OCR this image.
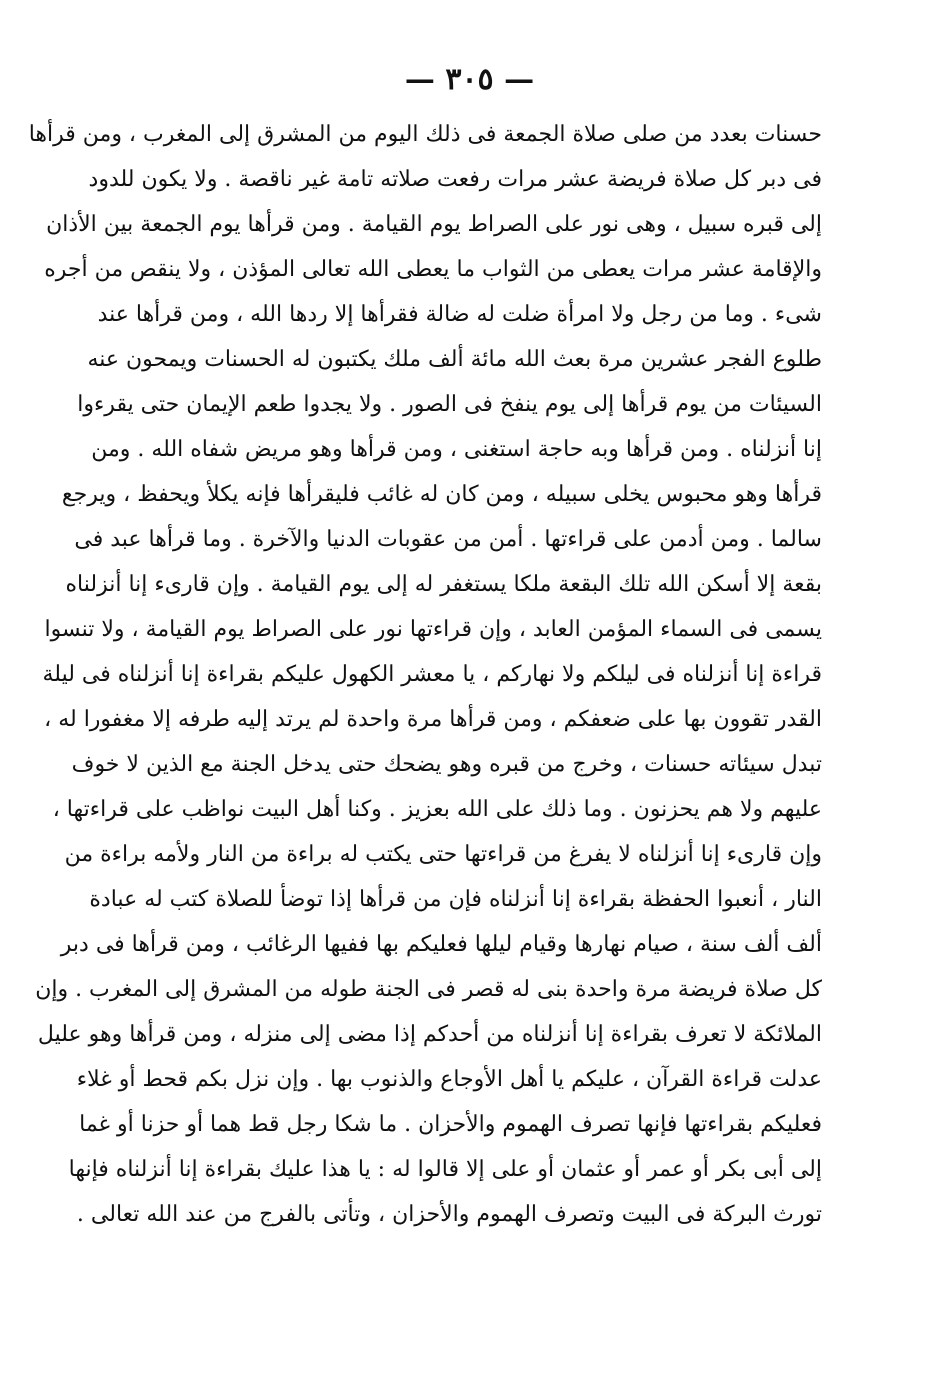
— ٣٠٥ —
حسنات بعدد من صلى صلاة الجمعة فى ذلك اليوم من المشرق إلى المغرب ، ومن قرأها
فى دبر كل صلاة فريضة عشر مرات رفعت صلاته تامة غير ناقصة . ولا يكون للدود
إلى قبره سبيل ، وهى نور على الصراط يوم القيامة . ومن قرأها يوم الجمعة بين الأذان
والإقامة عشر مرات يعطى من الثواب ما يعطى الله تعالى المؤذن ، ولا ينقص من أجره
شىء . وما من رجل ولا امرأة ضلت له ضالة فقرأها إلا ردها الله ، ومن قرأها عند
طلوع الفجر عشرين مرة بعث الله مائة ألف ملك يكتبون له الحسنات ويمحون عنه
السيئات من يوم قرأها إلى يوم ينفخ فى الصور . ولا يجدوا طعم الإيمان حتى يقرءوا
إنا أنزلناه . ومن قرأها وبه حاجة استغنى ، ومن قرأها وهو مريض شفاه الله . ومن
قرأها وهو محبوس يخلى سبيله ، ومن كان له غائب فليقرأها فإنه يكلأ ويحفظ ، ويرجع
سالما . ومن أدمن على قراءتها . أمن من عقوبات الدنيا والآخرة . وما قرأها عبد فى
بقعة إلا أسكن الله تلك البقعة ملكا يستغفر له إلى يوم القيامة . وإن قارىء إنا أنزلناه
يسمى فى السماء المؤمن العابد ، وإن قراءتها نور على الصراط يوم القيامة ، ولا تنسوا
قراءة إنا أنزلناه فى ليلكم ولا نهاركم ، يا معشر الكهول عليكم بقراءة إنا أنزلناه فى ليلة
القدر تقوون بها على ضعفكم ، ومن قرأها مرة واحدة لم يرتد إليه طرفه إلا مغفورا له ،
تبدل سيئاته حسنات ، وخرج من قبره وهو يضحك حتى يدخل الجنة مع الذين لا خوف
عليهم ولا هم يحزنون . وما ذلك على الله بعزيز . وكنا أهل البيت نواظب على قراءتها ،
وإن قارىء إنا أنزلناه لا يفرغ من قراءتها حتى يكتب له براءة من النار ولأمه براءة من
النار ، أنعبوا الحفظة بقراءة إنا أنزلناه فإن من قرأها إذا توضأ للصلاة كتب له عبادة
ألف ألف سنة ، صيام نهارها وقيام ليلها فعليكم بها ففيها الرغائب ، ومن قرأها فى دبر
كل صلاة فريضة مرة واحدة بنى له قصر فى الجنة طوله من المشرق إلى المغرب . وإن
الملائكة لا تعرف بقراءة إنا أنزلناه من أحدكم إذا مضى إلى منزله ، ومن قرأها وهو عليل
عدلت قراءة القرآن ، عليكم يا أهل الأوجاع والذنوب بها . وإن نزل بكم قحط أو غلاء
فعليكم بقراءتها فإنها تصرف الهموم والأحزان . ما شكا رجل قط هما أو حزنا أو غما
إلى أبى بكر أو عمر أو عثمان أو على إلا قالوا له : يا هذا عليك بقراءة إنا أنزلناه فإنها
تورث البركة فى البيت وتصرف الهموم والأحزان ، وتأتى بالفرج من عند الله تعالى .
